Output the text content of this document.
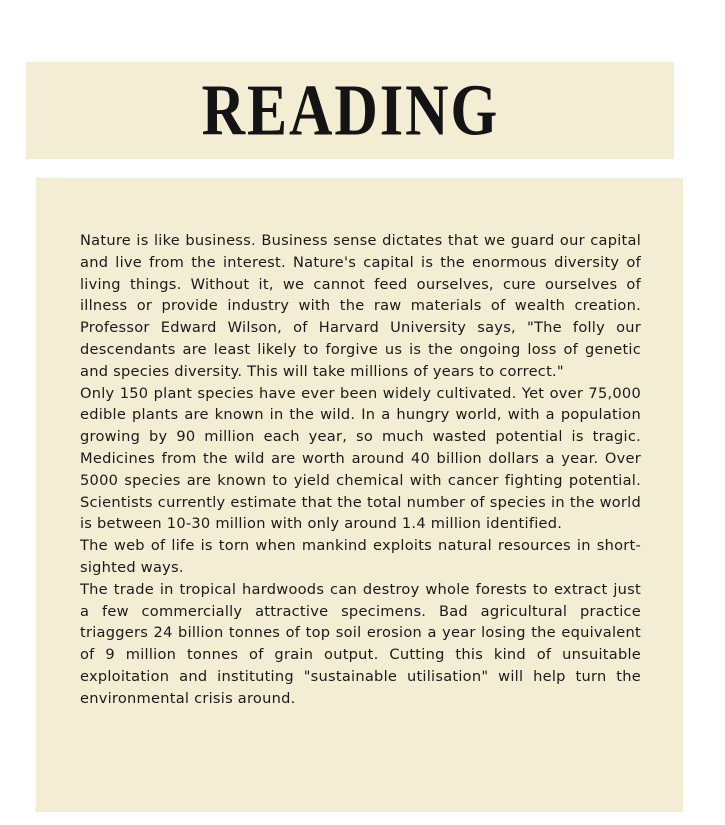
READING

Nature is like business. Business sense dictates that we guard our capital and live from the interest. Nature's capital is the enormous diversity of living things. Without it, we cannot feed ourselves, cure ourselves of illness or provide industry with the raw materials of wealth creation. Professor Edward Wilson, of Harvard University says, "The folly our descendants are least likely to forgive us is the ongoing loss of genetic and species diversity. This will take millions of years to correct."

Only 150 plant species have ever been widely cultivated. Yet over 75,000 edible plants are known in the wild. In a hungry world, with a population growing by 90 million each year, so much wasted potential is tragic. Medicines from the wild are worth around 40 billion dollars a year. Over 5000 species are known to yield chemical with cancer fighting potential. Scientists currently estimate that the total number of species in the world is between 10-30 million with only around 1.4 million identified.

The web of life is torn when mankind exploits natural resources in short-sighted ways.

The trade in tropical hardwoods can destroy whole forests to extract just a few commercially attractive specimens. Bad agricultural practice triaggers 24 billion tonnes of top soil erosion a year losing the equivalent of 9 million tonnes of grain output. Cutting this kind of unsuitable exploitation and instituting "sustainable utilisation" will help turn the environmental crisis around.
